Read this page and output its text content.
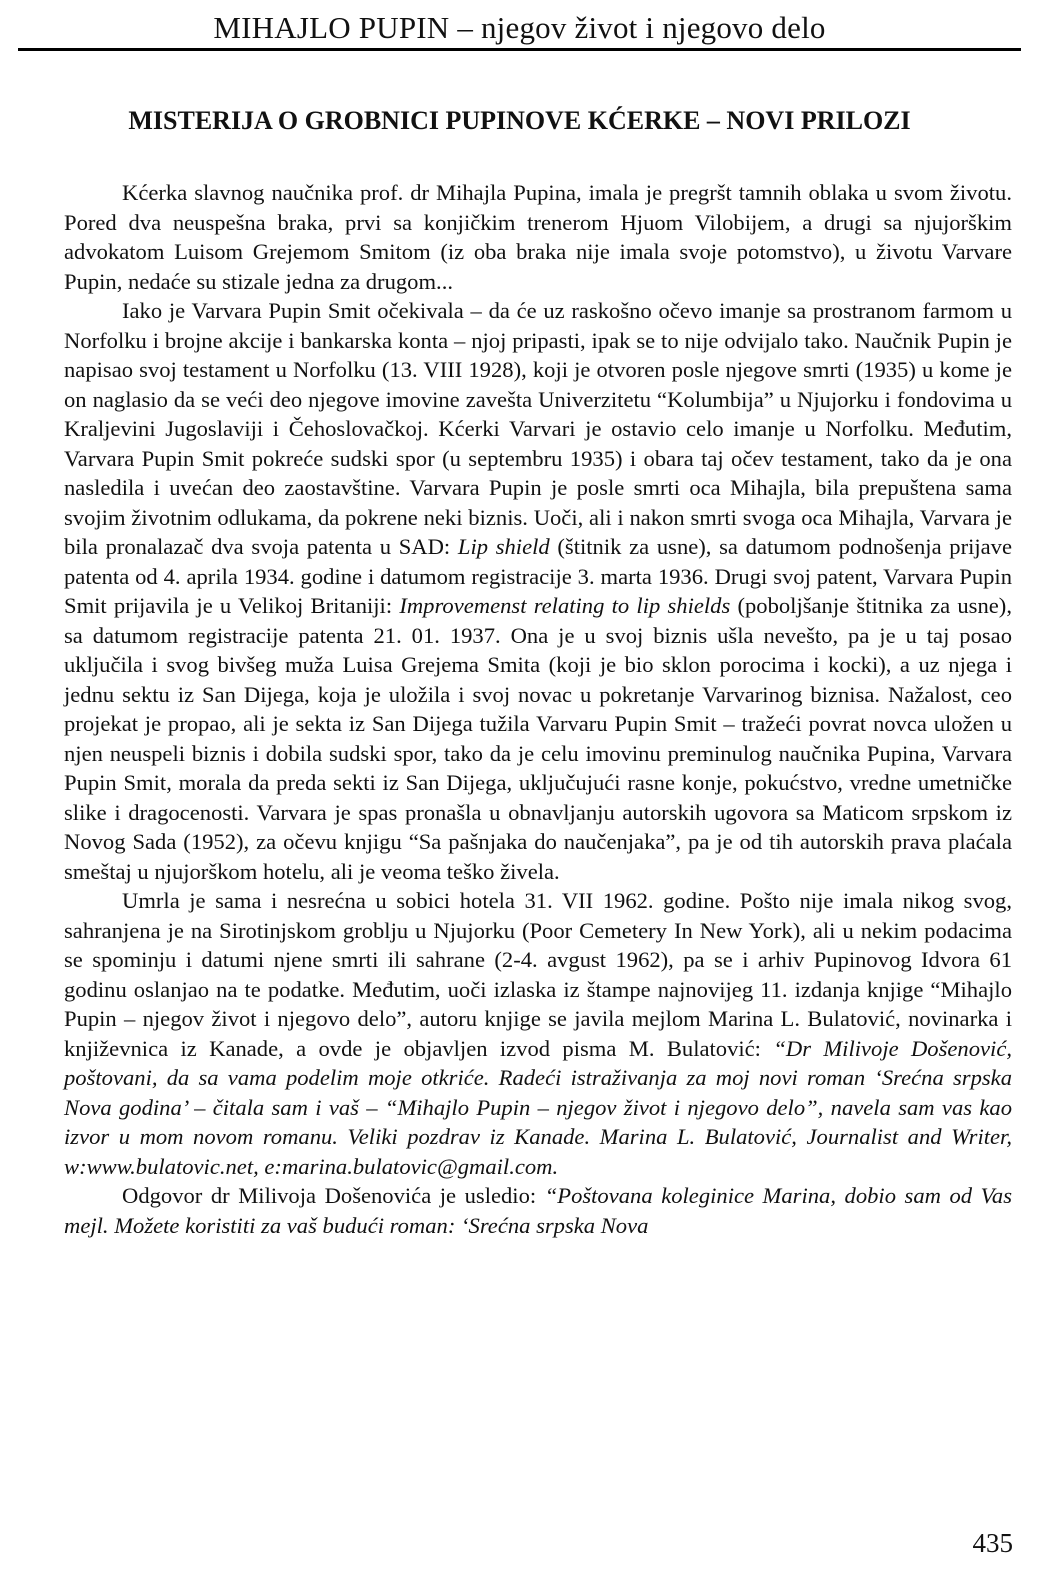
MIHAJLO PUPIN – njegov život i njegovo delo
MISTERIJA O GROBNICI PUPINOVE KĆERKE – NOVI PRILOZI

Kćerka slavnog naučnika prof. dr Mihajla Pupina, imala je pregršt tamnih oblaka u svom životu. Pored dva neuspešna braka, prvi sa konjičkim trenerom Hjuom Vilobijem, a drugi sa njujorškim advokatom Luisom Grejemom Smitom (iz oba braka nije imala svoje potomstvo), u životu Varvare Pupin, nedaće su stizale jedna za drugom...

Iako je Varvara Pupin Smit očekivala – da će uz raskošno očevo imanje sa prostranom farmom u Norfolku i brojne akcije i bankarska konta – njoj pripasti, ipak se to nije odvijalo tako. Naučnik Pupin je napisao svoj testament u Norfolku (13. VIII 1928), koji je otvoren posle njegove smrti (1935) u kome je on naglasio da se veći deo njegove imovine zavešta Univerzitetu “Kolumbija” u Njujorku i fondovima u Kraljevini Jugoslaviji i Čehoslovačkoj. Kćerki Varvari je ostavio celo imanje u Norfolku. Međutim, Varvara Pupin Smit pokreće sudski spor (u septembru 1935) i obara taj očev testament, tako da je ona nasledila i uvećan deo zaostavštine. Varvara Pupin je posle smrti oca Mihajla, bila prepuštena sama svojim životnim odlukama, da pokrene neki biznis. Uoči, ali i nakon smrti svoga oca Mihajla, Varvara je bila pronalazač dva svoja patenta u SAD: Lip shield (štitnik za usne), sa datumom podnošenja prijave patenta od 4. aprila 1934. godine i datumom registracije 3. marta 1936. Drugi svoj patent, Varvara Pupin Smit prijavila je u Velikoj Britaniji: Improvemenst relating to lip shields (poboljšanje štitnika za usne), sa datumom registracije patenta 21. 01. 1937. Ona je u svoj biznis ušla nevešto, pa je u taj posao uključila i svog bivšeg muža Luisa Grejema Smita (koji je bio sklon porocima i kocki), a uz njega i jednu sektu iz San Dijega, koja je uložila i svoj novac u pokretanje Varvarinog biznisa. Nažalost, ceo projekat je propao, ali je sekta iz San Dijega tužila Varvaru Pupin Smit – tražeći povrat novca uložen u njen neuspeli biznis i dobila sudski spor, tako da je celu imovinu preminulog naučnika Pupina, Varvara Pupin Smit, morala da preda sekti iz San Dijega, uključujući rasne konje, pokućstvo, vredne umetničke slike i dragocenosti. Varvara je spas pronašla u obnavljanju autorskih ugovora sa Maticom srpskom iz Novog Sada (1952), za očevu knjigu “Sa pašnjaka do naučenjaka”, pa je od tih autorskih prava plaćala smeštaj u njujorškom hotelu, ali je veoma teško živela.

Umrla je sama i nesrećna u sobici hotela 31. VII 1962. godine. Pošto nije imala nikog svog, sahranjena je na Sirotinjskom groblju u Njujorku (Poor Cemetery In New York), ali u nekim podacima se spominju i datumi njene smrti ili sahrane (2-4. avgust 1962), pa se i arhiv Pupinovog Idvora 61 godinu oslanjao na te podatke. Međutim, uoči izlaska iz štampe najnovijeg 11. izdanja knjige “Mihajlo Pupin – njegov život i njegovo delo”, autoru knjige se javila mejlom Marina L. Bulatović, novinarka i književnica iz Kanade, a ovde je objavljen izvod pisma M. Bulatović: “Dr Milivoje Došenović, poštovani, da sa vama podelim moje otkriće. Radeći istraživanja za moj novi roman ‘Srećna srpska Nova godina’ – čitala sam i vaš – “Mihajlo Pupin – njegov život i njegovo delo”, navela sam vas kao izvor u mom novom romanu. Veliki pozdrav iz Kanade. Marina L. Bulatović, Journalist and Writer, w:www.bulatovic.net, e:marina.bulatovic@gmail.com.

Odgovor dr Milivoja Došenovića je usledio: “Poštovana koleginice Marina, dobio sam od Vas mejl. Možete koristiti za vaš budući roman: ‘Srećna srpska Nova

435
